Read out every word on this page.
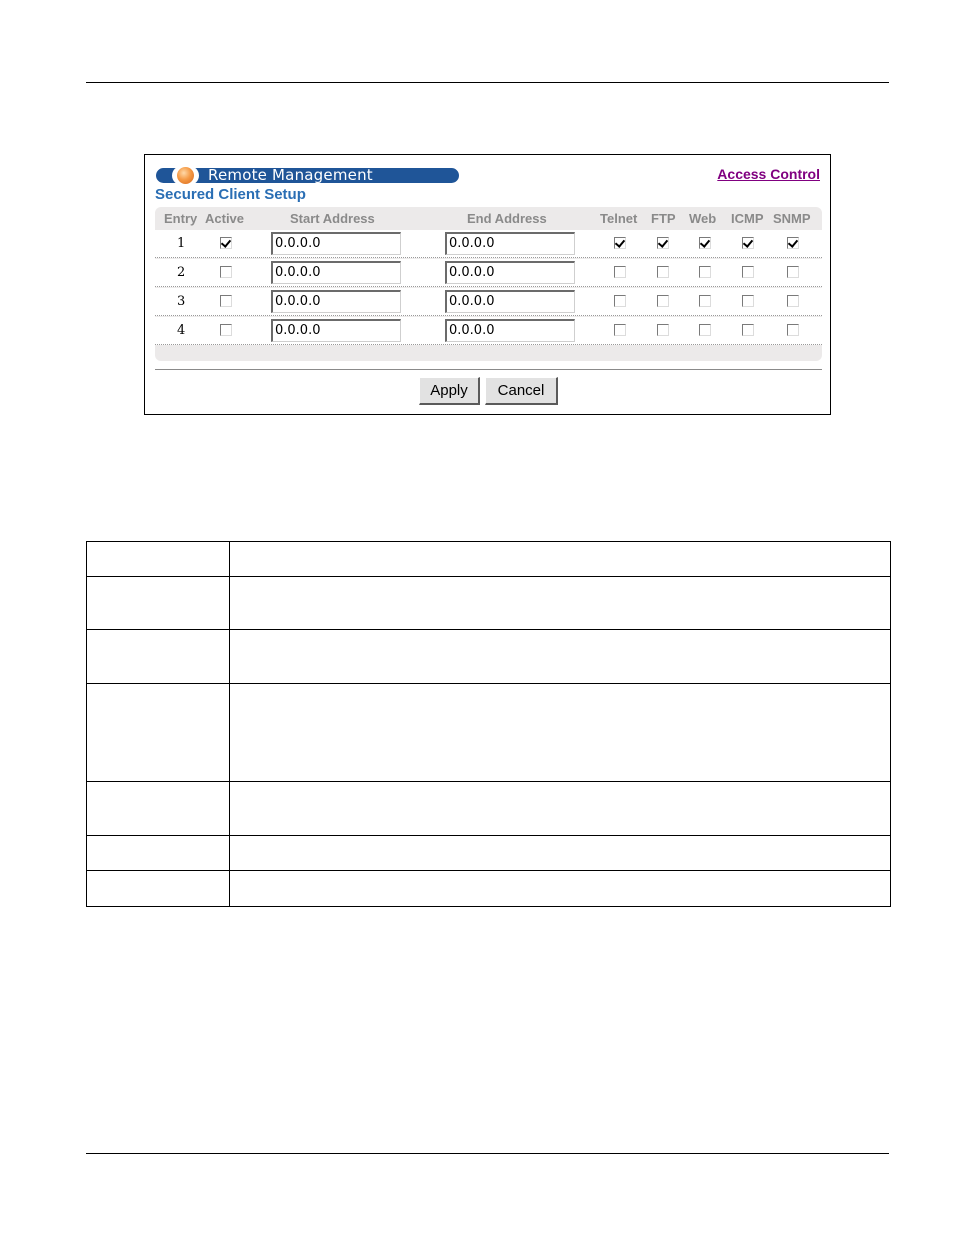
Remote Management	Access Control
Secured Client Setup
Entry Active	Start Address	End Address	Telnet FTP Web ICMP SNMP
1	0.0.0.0	0.0.0.0
2	0.0.0.0	0.0.0.0
3	0.0.0.0	0.0.0.0
4	0.0.0.0	0.0.0.0
Apply	Cancel
